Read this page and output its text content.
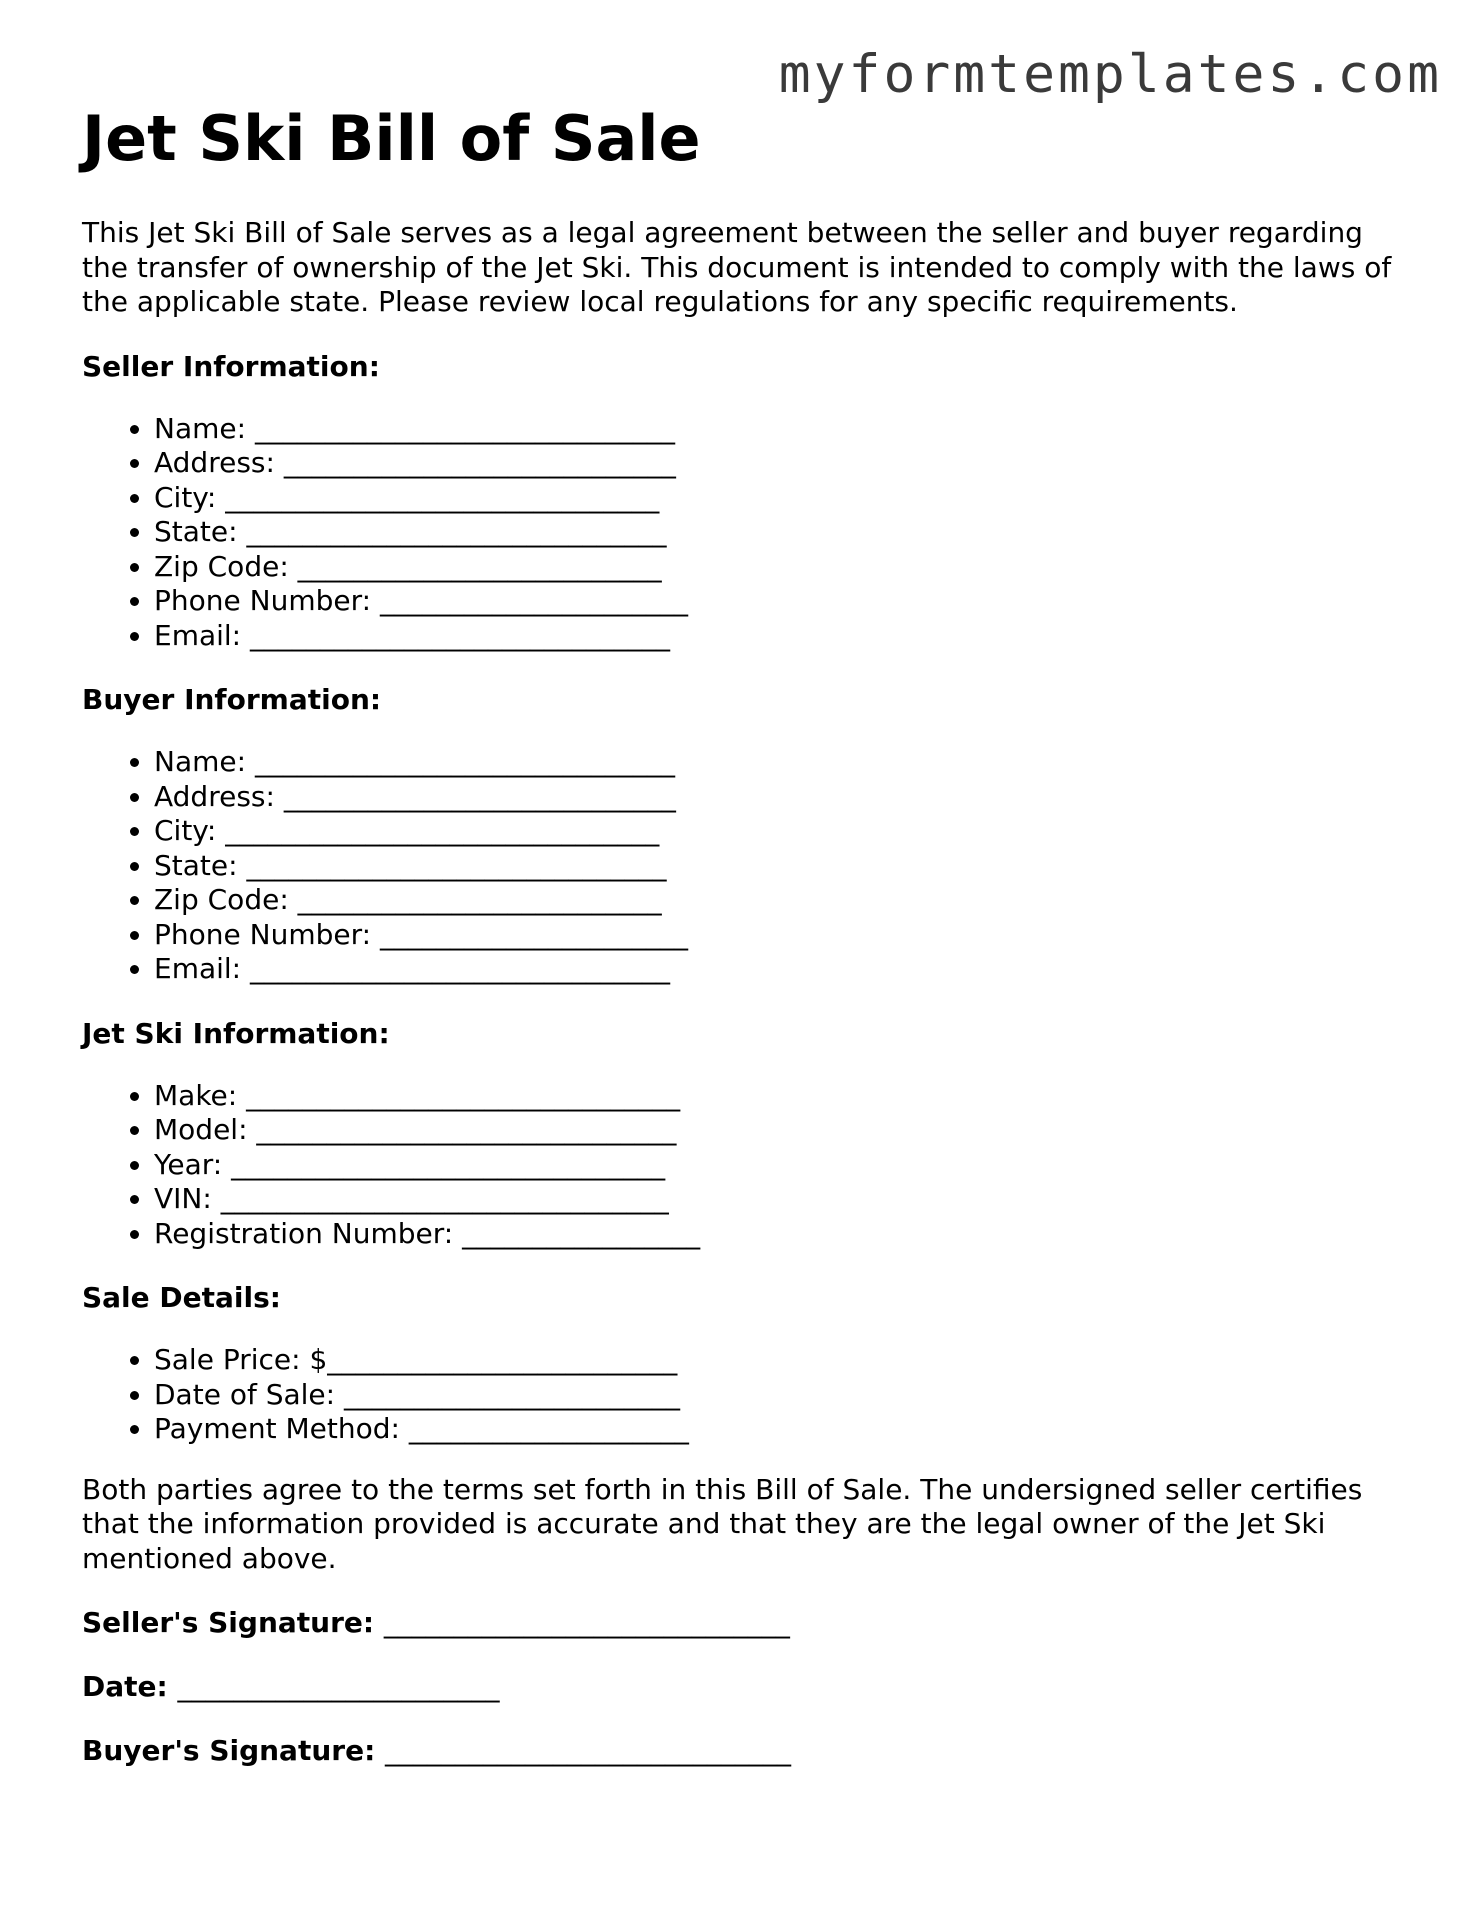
myformtemplates.com
Jet Ski Bill of Sale

This Jet Ski Bill of Sale serves as a legal agreement between the seller and buyer regarding the transfer of ownership of the Jet Ski. This document is intended to comply with the laws of the applicable state. Please review local regulations for any specific requirements.

Seller Information:
• Name: ______________________________
• Address: ____________________________
• City: _______________________________
• State: ______________________________
• Zip Code: __________________________
• Phone Number: ______________________
• Email: ______________________________
Buyer Information:
• Name: ______________________________
• Address: ____________________________
• City: _______________________________
• State: ______________________________
• Zip Code: __________________________
• Phone Number: ______________________
• Email: ______________________________
Jet Ski Information:
• Make: _______________________________
• Model: ______________________________
• Year: _______________________________
• VIN: ________________________________
• Registration Number: _________________
Sale Details:
• Sale Price: $_________________________
• Date of Sale: ________________________
• Payment Method: ____________________

Both parties agree to the terms set forth in this Bill of Sale. The undersigned seller certifies that the information provided is accurate and that they are the legal owner of the Jet Ski mentioned above.

Seller's Signature: _____________________________

Date: _______________________

Buyer's Signature: _____________________________
